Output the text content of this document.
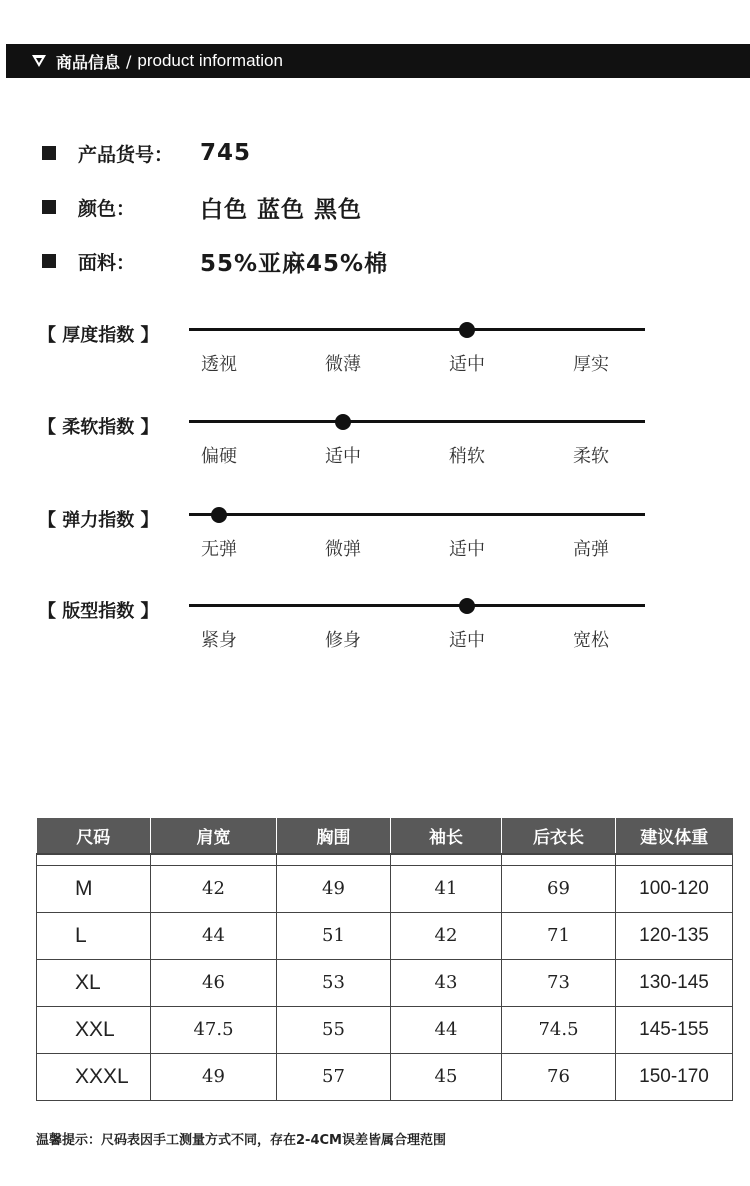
商品信息 / product information
产品货号： 745
颜色：	白色 蓝色 黑色
面料：	55%亚麻45%棉
【 厚度指数 】
透视	微薄	适中	厚实
【 柔软指数 】
偏硬	适中	稍软	柔软
【 弹力指数 】
无弹	微弹	适中	高弹
【 版型指数 】
紧身	修身	适中	宽松
尺码	肩宽	胸围	袖长	后衣长	建议体重

M	42	49	41	69	100-120
L	44	51	42	71	120-135
XL	46	53	43	73	130-145
XXL	47.5	55	44	74.5	145-155
XXXL	49	57	45	76	150-170
温馨提示：尺码表因手工测量方式不同，存在2-4CM误差皆属合理范围
